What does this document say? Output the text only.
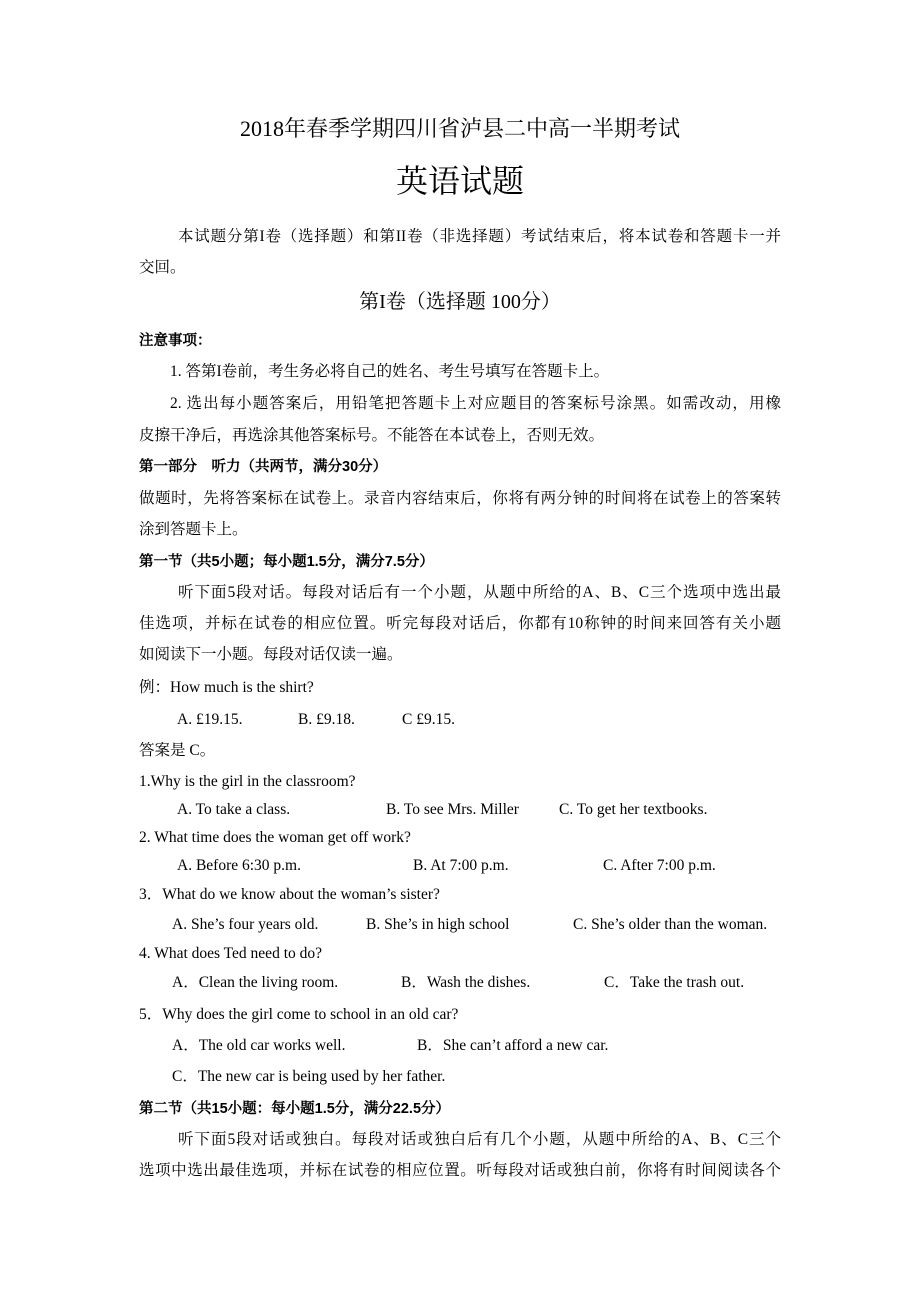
2018年春季学期四川省泸县二中高一半期考试
英语试题
本试题分第I卷（选择题）和第II卷（非选择题）考试结束后，将本试卷和答题卡一并
交回。
第I卷（选择题 100分）
注意事项：
1. 答第I卷前，考生务必将自己的姓名、考生号填写在答题卡上。
2. 选出每小题答案后，用铅笔把答题卡上对应题目的答案标号涂黑。如需改动，用橡
皮擦干净后，再选涂其他答案标号。不能答在本试卷上，否则无效。
第一部分　听力（共两节，满分30分）
做题时，先将答案标在试卷上。录音内容结束后，你将有两分钟的时间将在试卷上的答案转
涂到答题卡上。
第一节（共5小题；每小题1.5分，满分7.5分）
听下面5段对话。每段对话后有一个小题，从题中所给的A、B、C三个选项中选出最
佳选项，并标在试卷的相应位置。听完每段对话后，你都有10称钟的时间来回答有关小题
如阅读下一小题。每段对话仅读一遍。
例：How much is the shirt?
A. £19.15.	B. £9.18.	C £9.15.
答案是 C。
1.Why is the girl in the classroom?
A. To take a class.	B. To see Mrs. Miller	C. To get her textbooks.
2. What time does the woman get off work?
A. Before 6:30 p.m.	B. At 7:00 p.m.	C. After 7:00 p.m.
3．What do we know about the woman’s sister?
A. She’s four years old.	B. She’s in high school	C. She’s older than the woman.
4. What does Ted need to do?
A．Clean the living room.	B．Wash the dishes.	C．Take the trash out.
5．Why does the girl come to school in an old car?
A．The old car works well.	B．She can’t afford a new car.
C．The new car is being used by her father.
第二节（共15小题：每小题1.5分，满分22.5分）
听下面5段对话或独白。每段对话或独白后有几个小题，从题中所给的A、B、C三个
选项中选出最佳选项，并标在试卷的相应位置。听每段对话或独白前，你将有时间阅读各个
